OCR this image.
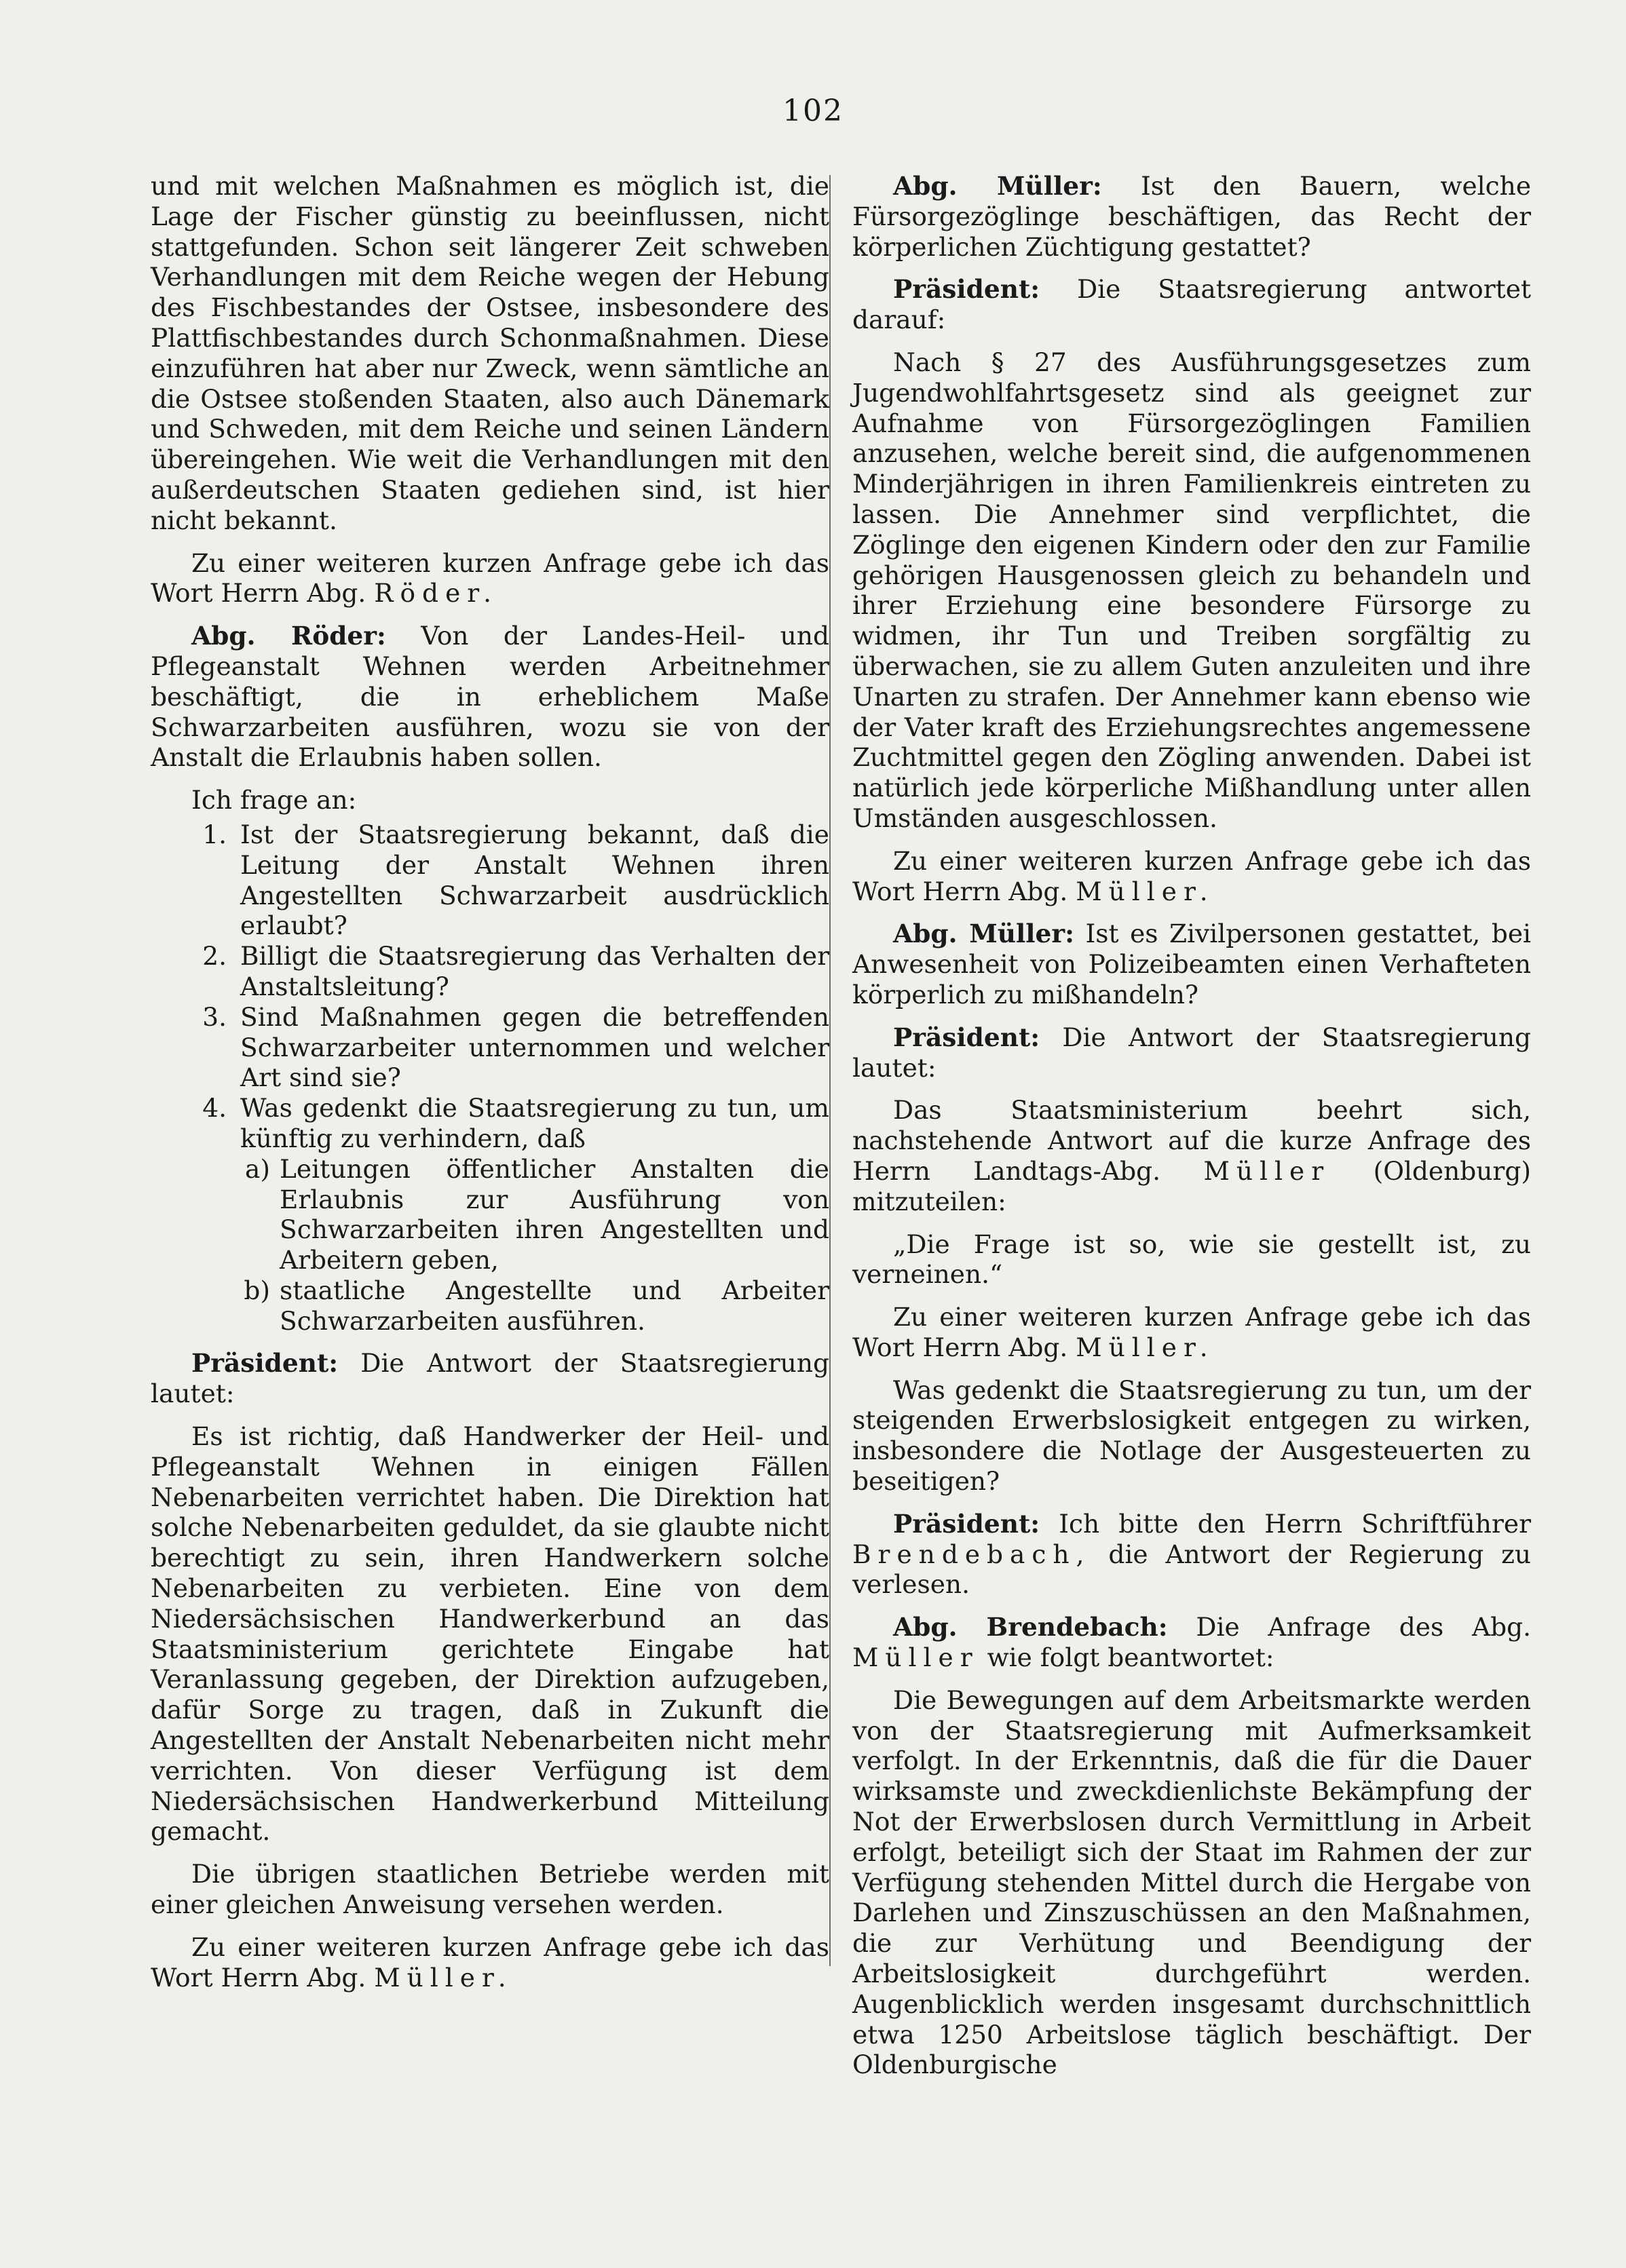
102

und mit welchen Maßnahmen es möglich ist, die Lage der Fischer günstig zu beeinflussen, nicht stattgefunden. Schon seit längerer Zeit schweben Verhandlungen mit dem Reiche wegen der Hebung des Fischbestandes der Ostsee, insbesondere des Plattfischbestandes durch Schonmaßnahmen. Diese einzuführen hat aber nur Zweck, wenn sämtliche an die Ostsee stoßenden Staaten, also auch Dänemark und Schweden, mit dem Reiche und seinen Ländern übereingehen. Wie weit die Verhandlungen mit den außerdeutschen Staaten gediehen sind, ist hier nicht bekannt.

Zu einer weiteren kurzen Anfrage gebe ich das Wort Herrn Abg. Röder.

Abg. Röder: Von der Landes-Heil- und Pflegeanstalt Wehnen werden Arbeitnehmer beschäftigt, die in erheblichem Maße Schwarzarbeiten ausführen, wozu sie von der Anstalt die Erlaubnis haben sollen.

Ich frage an:

1. Ist der Staatsregierung bekannt, daß die Leitung der Anstalt Wehnen ihren Angestellten Schwarzarbeit ausdrücklich erlaubt?
2. Billigt die Staatsregierung das Verhalten der Anstaltsleitung?
3. Sind Maßnahmen gegen die betreffenden Schwarzarbeiter unternommen und welcher Art sind sie?
4. Was gedenkt die Staatsregierung zu tun, um künftig zu verhindern, daß
a) Leitungen öffentlicher Anstalten die Erlaubnis zur Ausführung von Schwarzarbeiten ihren Angestellten und Arbeitern geben,
b) staatliche Angestellte und Arbeiter Schwarzarbeiten ausführen.

Präsident: Die Antwort der Staatsregierung lautet:

Es ist richtig, daß Handwerker der Heil- und Pflegeanstalt Wehnen in einigen Fällen Nebenarbeiten verrichtet haben. Die Direktion hat solche Nebenarbeiten geduldet, da sie glaubte nicht berechtigt zu sein, ihren Handwerkern solche Nebenarbeiten zu verbieten. Eine von dem Niedersächsischen Handwerkerbund an das Staatsministerium gerichtete Eingabe hat Veranlassung gegeben, der Direktion aufzugeben, dafür Sorge zu tragen, daß in Zukunft die Angestellten der Anstalt Nebenarbeiten nicht mehr verrichten. Von dieser Verfügung ist dem Niedersächsischen Handwerkerbund Mitteilung gemacht.

Die übrigen staatlichen Betriebe werden mit einer gleichen Anweisung versehen werden.

Zu einer weiteren kurzen Anfrage gebe ich das Wort Herrn Abg. Müller.

Abg. Müller: Ist den Bauern, welche Fürsorgezöglinge beschäftigen, das Recht der körperlichen Züchtigung gestattet?

Präsident: Die Staatsregierung antwortet darauf:

Nach § 27 des Ausführungsgesetzes zum Jugendwohlfahrtsgesetz sind als geeignet zur Aufnahme von Fürsorgezöglingen Familien anzusehen, welche bereit sind, die aufgenommenen Minderjährigen in ihren Familienkreis eintreten zu lassen. Die Annehmer sind verpflichtet, die Zöglinge den eigenen Kindern oder den zur Familie gehörigen Hausgenossen gleich zu behandeln und ihrer Erziehung eine besondere Fürsorge zu widmen, ihr Tun und Treiben sorgfältig zu überwachen, sie zu allem Guten anzuleiten und ihre Unarten zu strafen. Der Annehmer kann ebenso wie der Vater kraft des Erziehungsrechtes angemessene Zuchtmittel gegen den Zögling anwenden. Dabei ist natürlich jede körperliche Mißhandlung unter allen Umständen ausgeschlossen.

Zu einer weiteren kurzen Anfrage gebe ich das Wort Herrn Abg. Müller.

Abg. Müller: Ist es Zivilpersonen gestattet, bei Anwesenheit von Polizeibeamten einen Verhafteten körperlich zu mißhandeln?

Präsident: Die Antwort der Staatsregierung lautet:

Das Staatsministerium beehrt sich, nachstehende Antwort auf die kurze Anfrage des Herrn Landtags-Abg. Müller (Oldenburg) mitzuteilen:

„Die Frage ist so, wie sie gestellt ist, zu verneinen.“

Zu einer weiteren kurzen Anfrage gebe ich das Wort Herrn Abg. Müller.

Was gedenkt die Staatsregierung zu tun, um der steigenden Erwerbslosigkeit entgegen zu wirken, insbesondere die Notlage der Ausgesteuerten zu beseitigen?

Präsident: Ich bitte den Herrn Schriftführer Brendebach, die Antwort der Regierung zu verlesen.

Abg. Brendebach: Die Anfrage des Abg. Müller wie folgt beantwortet:

Die Bewegungen auf dem Arbeitsmarkte werden von der Staatsregierung mit Aufmerksamkeit verfolgt. In der Erkenntnis, daß die für die Dauer wirksamste und zweckdienlichste Bekämpfung der Not der Erwerbslosen durch Vermittlung in Arbeit erfolgt, beteiligt sich der Staat im Rahmen der zur Verfügung stehenden Mittel durch die Hergabe von Darlehen und Zinszuschüssen an den Maßnahmen, die zur Verhütung und Beendigung der Arbeitslosigkeit durchgeführt werden. Augenblicklich werden insgesamt durchschnittlich etwa 1250 Arbeitslose täglich beschäftigt. Der Oldenburgische
